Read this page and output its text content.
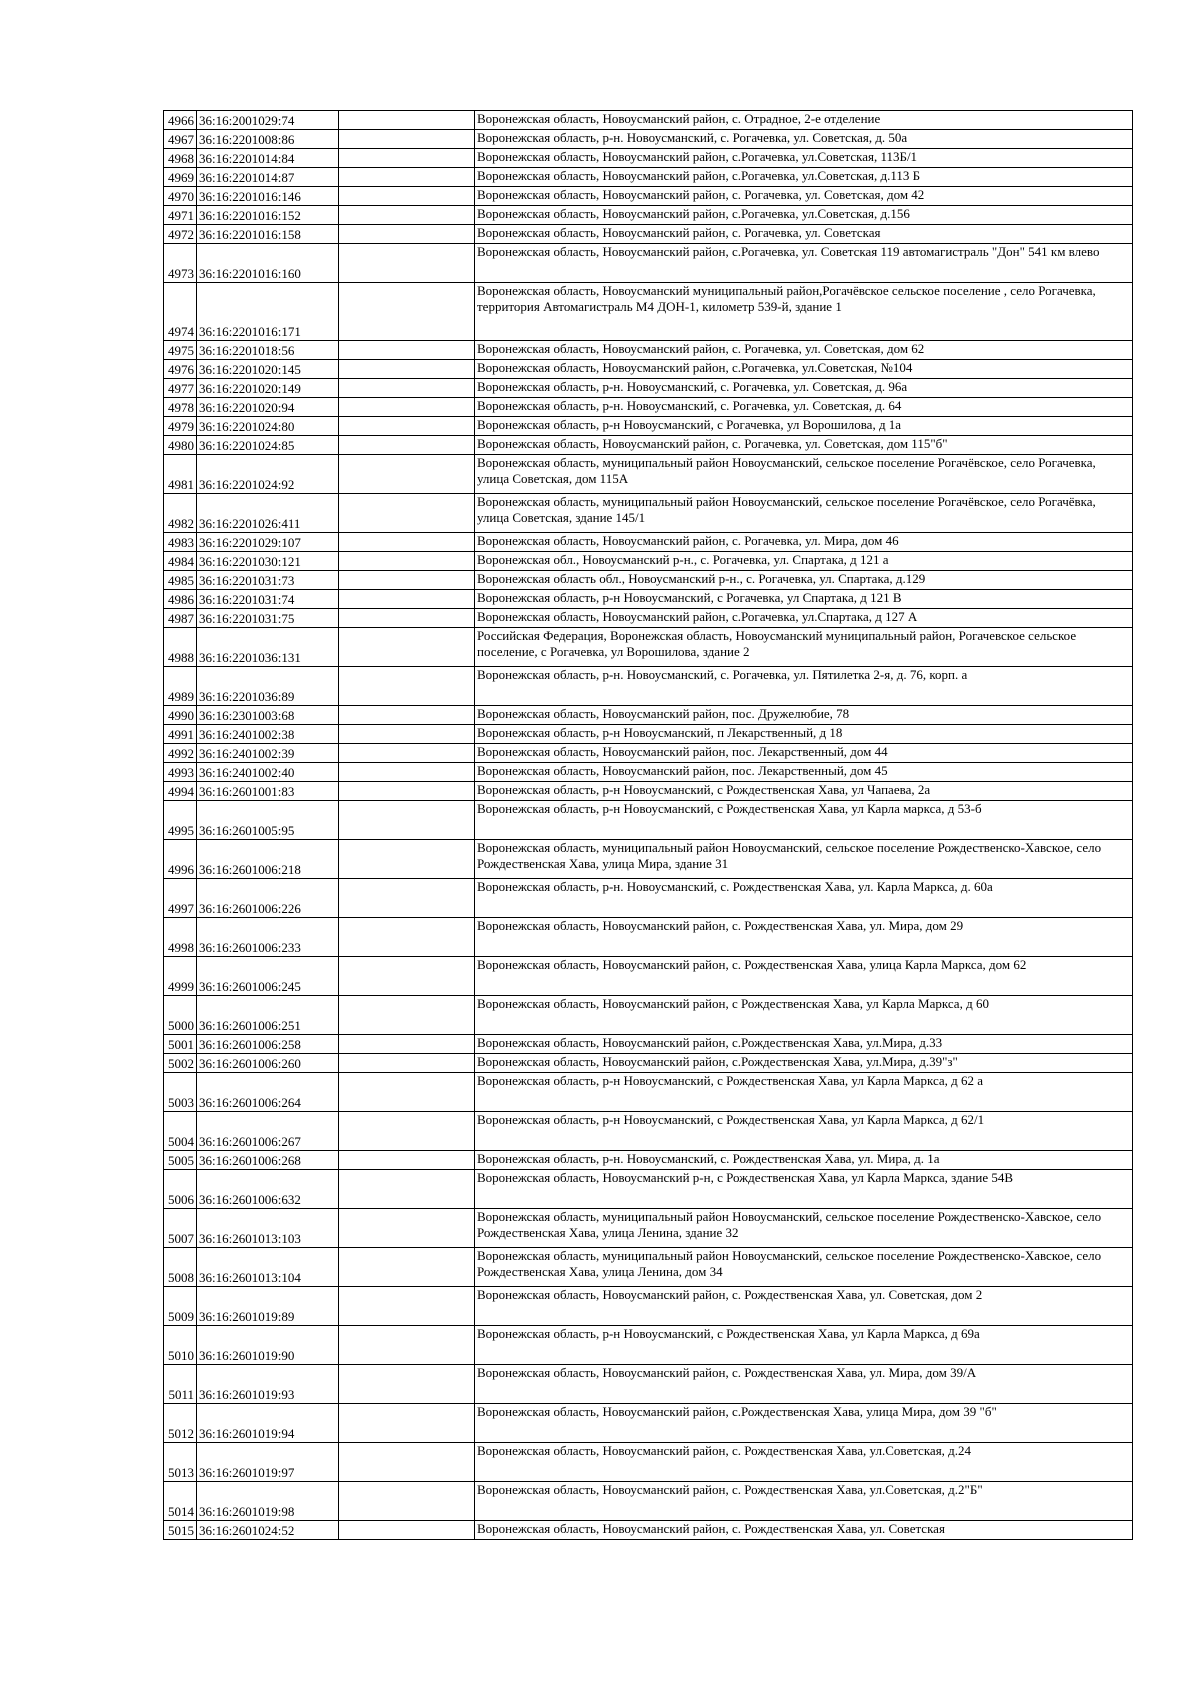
4966	36:16:2001029:74		Воронежская область, Новоусманский район, с. Отрадное, 2-е отделение
4967	36:16:2201008:86		Воронежская область, р-н. Новоусманский, с. Рогачевка, ул. Советская, д. 50а
4968	36:16:2201014:84		Воронежская область, Новоусманский район, с.Рогачевка, ул.Советская, 113Б/1
4969	36:16:2201014:87		Воронежская область, Новоусманский район, с.Рогачевка, ул.Советская, д.113 Б
4970	36:16:2201016:146		Воронежская область, Новоусманский район, с. Рогачевка, ул. Советская, дом 42
4971	36:16:2201016:152		Воронежская область, Новоусманский район, с.Рогачевка, ул.Советская, д.156
4972	36:16:2201016:158		Воронежская область, Новоусманский район, с. Рогачевка, ул. Советская
4973	36:16:2201016:160		Воронежская область, Новоусманский район, с.Рогачевка, ул. Советская 119 автомагистраль "Дон" 541 км влево
4974	36:16:2201016:171		Воронежская область, Новоусманский муниципальный район,Рогачёвское сельское поселение , село Рогачевка, территория Автомагистраль М4 ДОН-1, километр 539-й, здание 1
4975	36:16:2201018:56		Воронежская область, Новоусманский район, с. Рогачевка, ул. Советская, дом 62
4976	36:16:2201020:145		Воронежская область, Новоусманский район, с.Рогачевка, ул.Советская, №104
4977	36:16:2201020:149		Воронежская область, р-н. Новоусманский, с. Рогачевка, ул. Советская, д. 96а
4978	36:16:2201020:94		Воронежская область, р-н. Новоусманский, с. Рогачевка, ул. Советская, д. 64
4979	36:16:2201024:80		Воронежская область, р-н Новоусманский, с Рогачевка, ул Ворошилова, д 1а
4980	36:16:2201024:85		Воронежская область, Новоусманский район, с. Рогачевка, ул. Советская, дом 115"б"
4981	36:16:2201024:92		Воронежская область, муниципальный район Новоусманский, сельское поселение Рогачёвское, село Рогачевка, улица Советская, дом 115А
4982	36:16:2201026:411		Воронежская область, муниципальный район Новоусманский, сельское поселение Рогачёвское, село Рогачёвка, улица Советская, здание 145/1
4983	36:16:2201029:107		Воронежская область, Новоусманский район, с. Рогачевка, ул. Мира, дом 46
4984	36:16:2201030:121		Воронежская обл., Новоусманский р-н., с. Рогачевка, ул. Спартака, д 121 а
4985	36:16:2201031:73		Воронежская область обл., Новоусманский р-н., с. Рогачевка, ул. Спартака, д.129
4986	36:16:2201031:74		Воронежская область, р-н Новоусманский, с Рогачевка, ул Спартака, д 121 В
4987	36:16:2201031:75		Воронежская область, Новоусманский район, с.Рогачевка, ул.Спартака, д 127 А
4988	36:16:2201036:131		Российская Федерация, Воронежская область, Новоусманский муниципальный район, Рогачевское сельское поселение, с Рогачевка, ул Ворошилова, здание 2
4989	36:16:2201036:89		Воронежская область, р-н. Новоусманский, с. Рогачевка, ул. Пятилетка 2-я, д. 76, корп. а
4990	36:16:2301003:68		Воронежская область, Новоусманский район, пос. Дружелюбие, 78
4991	36:16:2401002:38		Воронежская область, р-н Новоусманский, п Лекарственный, д 18
4992	36:16:2401002:39		Воронежская область, Новоусманский район, пос. Лекарственный, дом 44
4993	36:16:2401002:40		Воронежская область, Новоусманский район, пос. Лекарственный, дом 45
4994	36:16:2601001:83		Воронежская область, р-н Новоусманский, с Рождественская Хава, ул Чапаева, 2а
4995	36:16:2601005:95		Воронежская область, р-н Новоусманский, с Рождественская Хава, ул Карла маркса, д 53-б
4996	36:16:2601006:218		Воронежская область, муниципальный район Новоусманский, сельское поселение Рождественско-Хавское, село Рождественская Хава, улица Мира, здание 31
4997	36:16:2601006:226		Воронежская область, р-н. Новоусманский, с. Рождественская Хава, ул. Карла Маркса, д. 60а
4998	36:16:2601006:233		Воронежская область, Новоусманский район, с. Рождественская Хава, ул. Мира, дом 29
4999	36:16:2601006:245		Воронежская область, Новоусманский район, с. Рождественская Хава, улица Карла Маркса, дом 62
5000	36:16:2601006:251		Воронежская область, Новоусманский район, с Рождественская Хава, ул Карла Маркса, д 60
5001	36:16:2601006:258		Воронежская область, Новоусманский район, с.Рождественская Хава, ул.Мира, д.33
5002	36:16:2601006:260		Воронежская область, Новоусманский район, с.Рождественская Хава, ул.Мира, д.39"з"
5003	36:16:2601006:264		Воронежская область, р-н Новоусманский, с Рождественская Хава, ул Карла Маркса, д 62 а
5004	36:16:2601006:267		Воронежская область, р-н Новоусманский, с Рождественская Хава, ул Карла Маркса, д 62/1
5005	36:16:2601006:268		Воронежская область, р-н. Новоусманский, с. Рождественская Хава, ул. Мира, д. 1а
5006	36:16:2601006:632		Воронежская область, Новоусманский р-н, с Рождественская Хава, ул Карла Маркса, здание 54В
5007	36:16:2601013:103		Воронежская область, муниципальный район Новоусманский, сельское поселение Рождественско-Хавское, село Рождественская Хава, улица Ленина, здание 32
5008	36:16:2601013:104		Воронежская область, муниципальный район Новоусманский, сельское поселение Рождественско-Хавское, село Рождественская Хава, улица Ленина, дом 34
5009	36:16:2601019:89		Воронежская область, Новоусманский район, с. Рождественская Хава, ул. Советская, дом 2
5010	36:16:2601019:90		Воронежская область, р-н Новоусманский, с Рождественская Хава, ул Карла Маркса, д 69а
5011	36:16:2601019:93		Воронежская область, Новоусманский район, с. Рождественская Хава, ул. Мира, дом 39/А
5012	36:16:2601019:94		Воронежская область, Новоусманский район, с.Рождественская Хава, улица Мира, дом 39 "б"
5013	36:16:2601019:97		Воронежская область, Новоусманский район, с. Рождественская Хава, ул.Советская, д.24
5014	36:16:2601019:98		Воронежская область, Новоусманский район, с. Рождественская Хава, ул.Советская, д.2"Б"
5015	36:16:2601024:52		Воронежская область, Новоусманский район, с. Рождественская Хава, ул. Советская
